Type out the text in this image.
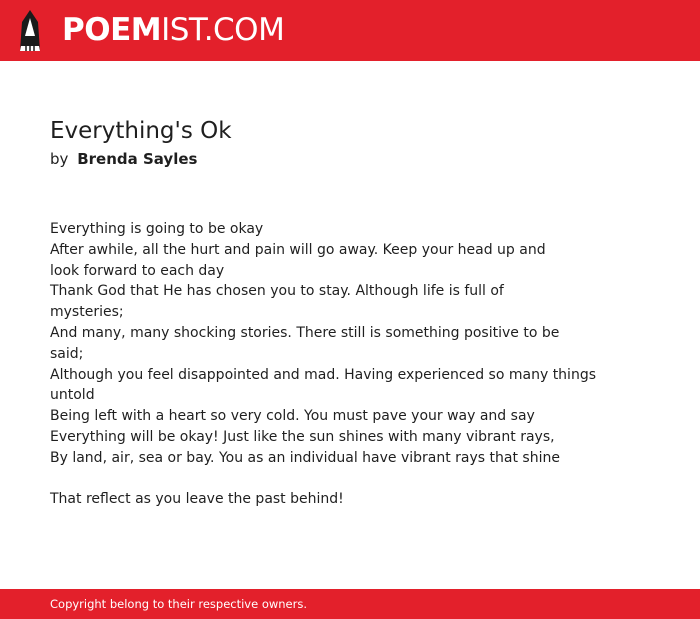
POEMIST.COM
Everything's Ok
by Brenda Sayles
Everything is going to be okay
After awhile, all the hurt and pain will go away. Keep your head up and
look forward to each day
Thank God that He has chosen you to stay. Although life is full of
mysteries;
And many, many shocking stories. There still is something positive to be
said;
Although you feel disappointed and mad. Having experienced so many things
untold
Being left with a heart so very cold. You must pave your way and say
Everything will be okay! Just like the sun shines with many vibrant rays,
By land, air, sea or bay. You as an individual have vibrant rays that shine
That reflect as you leave the past behind!
Copyright belong to their respective owners.
